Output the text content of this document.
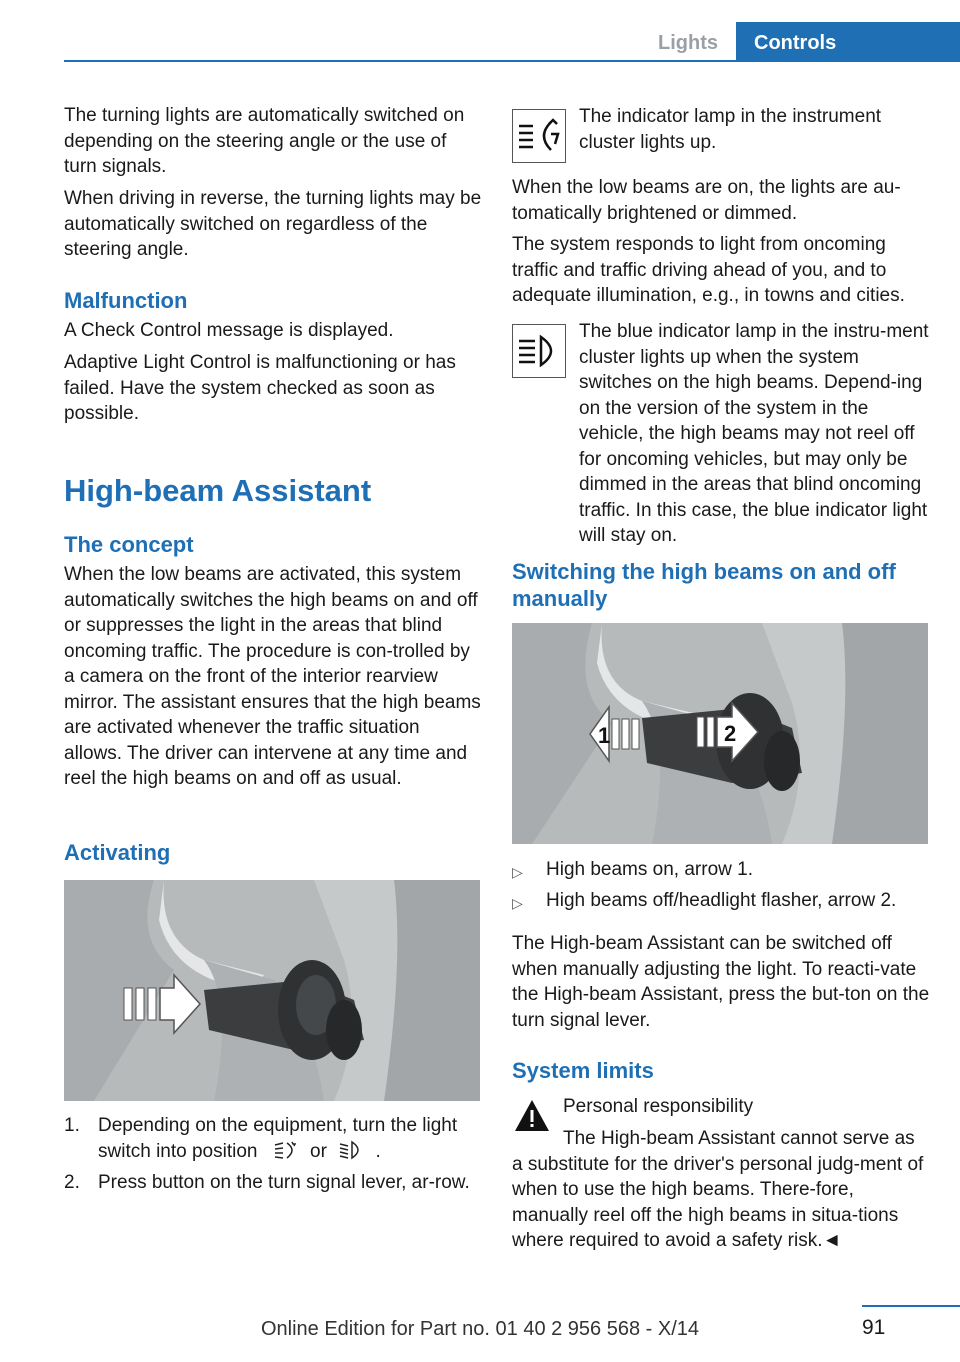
Lights	Controls

The turning lights are automatically switched on depending on the steering angle or the use of turn signals.

When driving in reverse, the turning lights may be automatically switched on regardless of the steering angle.

Malfunction

A Check Control message is displayed.

Adaptive Light Control is malfunctioning or has failed. Have the system checked as soon as possible.

High-beam Assistant
The concept

When the low beams are activated, this system automatically switches the high beams on and off or suppresses the light in the areas that blind oncoming traffic. The procedure is con-trolled by a camera on the front of the interior rearview mirror. The assistant ensures that the high beams are activated whenever the traffic situation allows. The driver can intervene at any time and reel the high beams on and off as usual.

Activating
1. Depending on the equipment, turn the light switch into position	or	.
2. Press button on the turn signal lever, ar-row.

The indicator lamp in the instrument cluster lights up.

When the low beams are on, the lights are au-tomatically brightened or dimmed.

The system responds to light from oncoming traffic and traffic driving ahead of you, and to adequate illumination, e.g., in towns and cities.

The blue indicator lamp in the instru-ment cluster lights up when the system switches on the high beams. Depend-ing on the version of the system in the vehicle, the high beams may not reel off for oncoming vehicles, but may only be dimmed in the areas that blind oncoming traffic. In this case, the blue indicator light will stay on.

Switching the high beams on and off manually
1	2
▷	High beams on, arrow 1.
▷	High beams off/headlight flasher, arrow 2.

The High-beam Assistant can be switched off when manually adjusting the light. To reacti-vate the High-beam Assistant, press the but-ton on the turn signal lever.

System limits

Personal responsibility

The High-beam Assistant cannot serve as a substitute for the driver's personal judg-ment of when to use the high beams. There-fore, manually reel off the high beams in situa-tions where required to avoid a safety risk.◄

91
Online Edition for Part no. 01 40 2 956 568 - X/14
